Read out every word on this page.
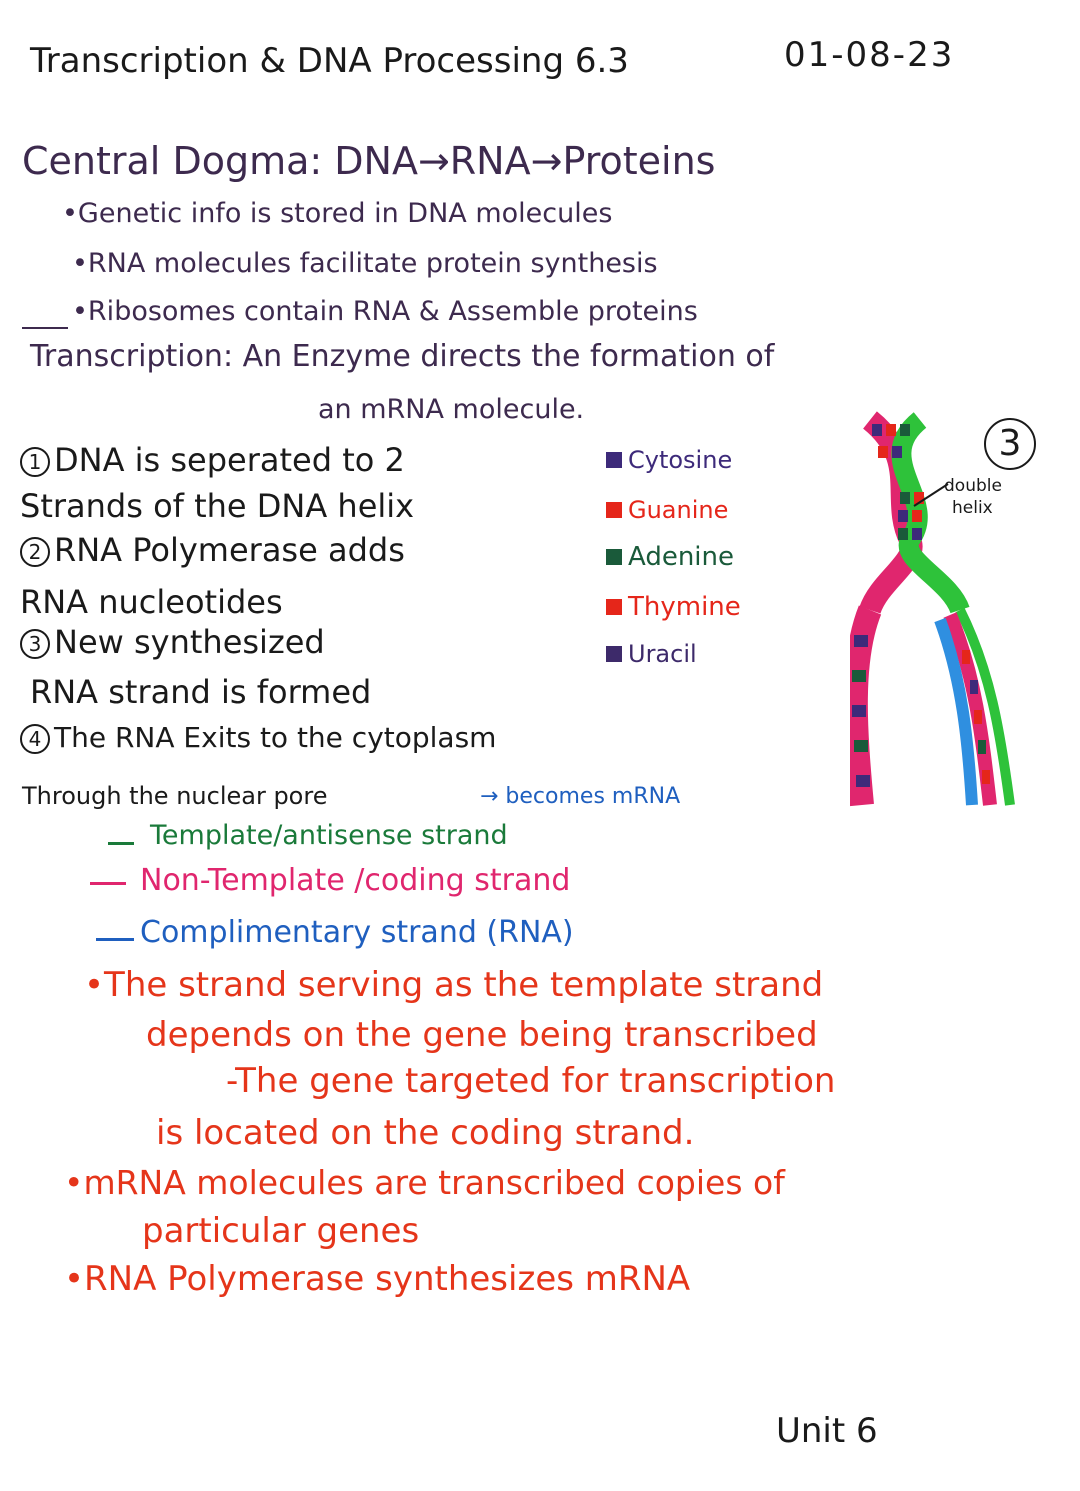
Transcription & DNA Processing 6.3	01-08-23
Central Dogma: DNA→RNA→Proteins
•Genetic info is stored in DNA molecules
•RNA molecules facilitate protein synthesis
•Ribosomes contain RNA & Assemble proteins
Transcription: An Enzyme directs the formation of
an mRNA molecule.
1 DNA is seperated to 2
Strands of the DNA helix
2 RNA Polymerase adds
RNA nucleotides
3 New synthesized
RNA strand is formed
4 The RNA Exits to the cytoplasm
Through the nuclear pore	→ becomes mRNA
Cytosine
Guanine
Adenine
Thymine
Uracil
3
double
helix
Template/antisense strand
Non-Template /coding strand
Complimentary strand (RNA)
•The strand serving as the template strand
depends on the gene being transcribed
-The gene targeted for transcription
is located on the coding strand.
•mRNA molecules are transcribed copies of
particular genes
•RNA Polymerase synthesizes mRNA
Unit 6
